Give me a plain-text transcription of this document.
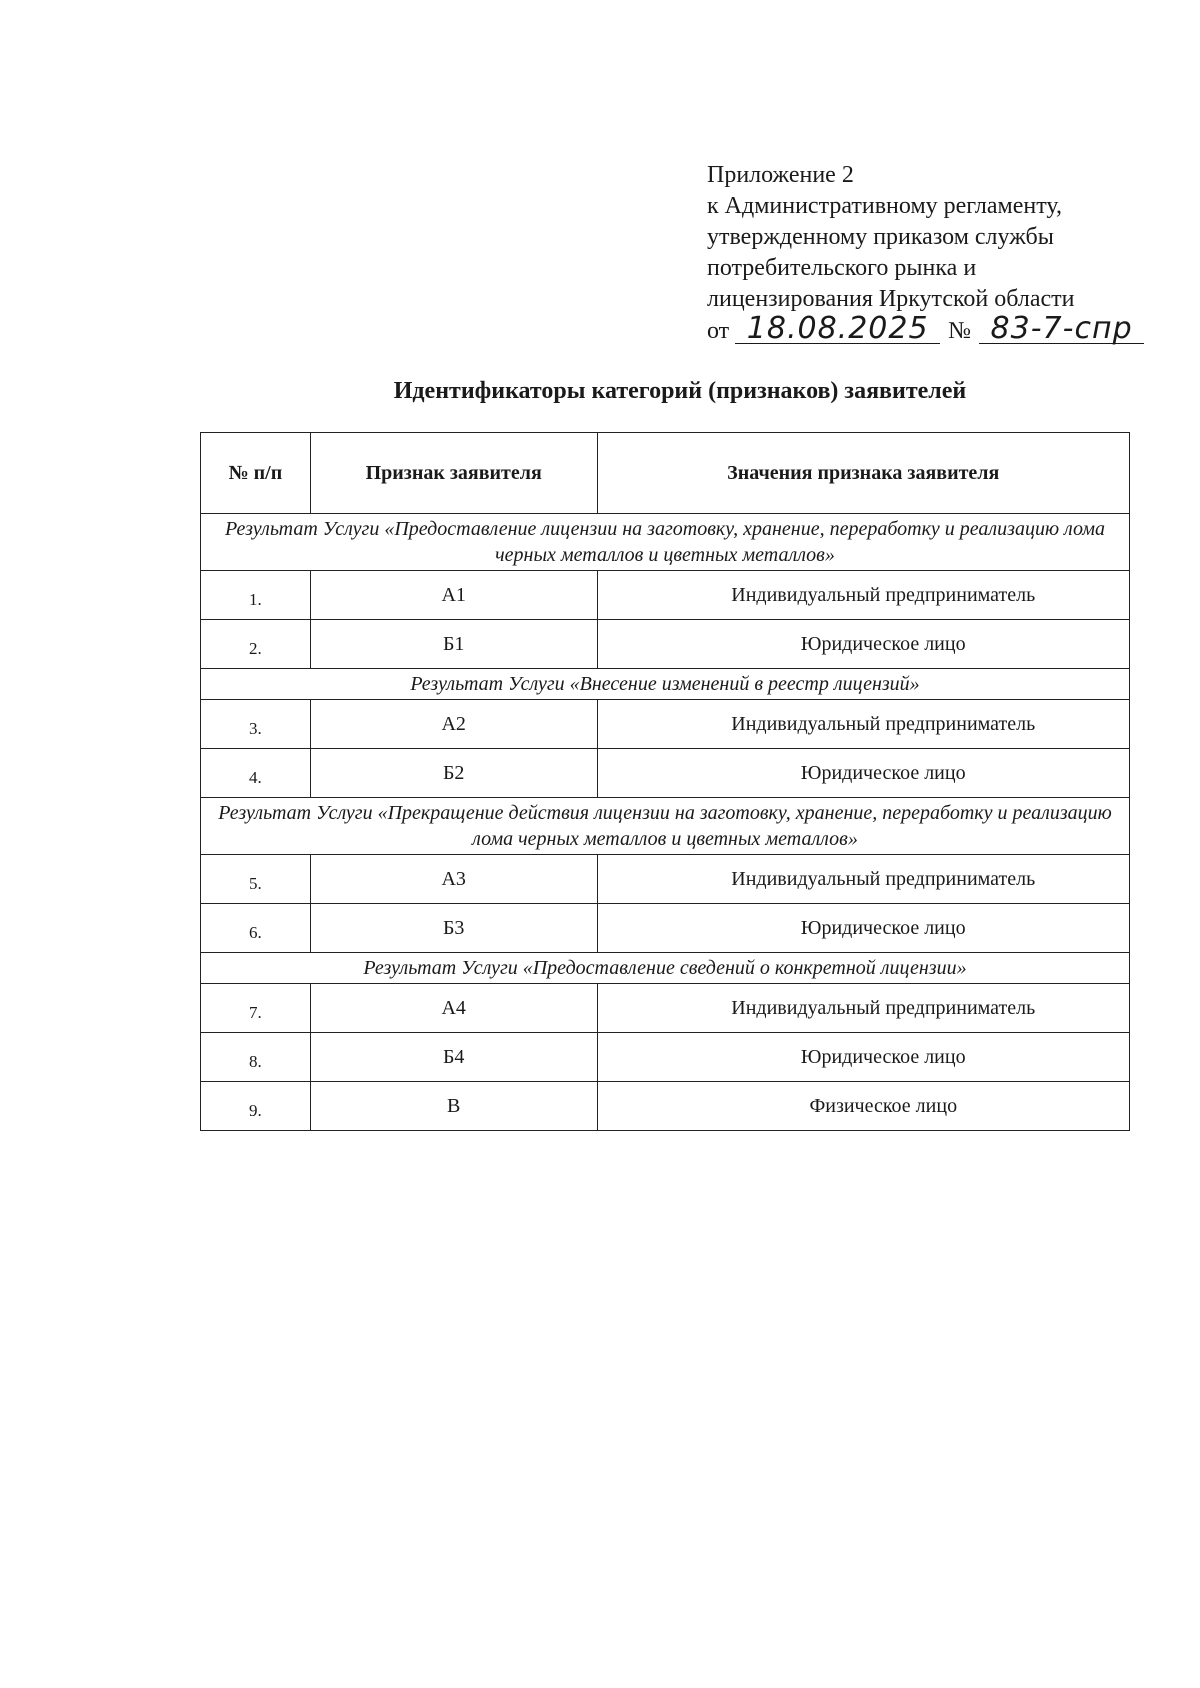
Приложение 2
к Административному регламенту,
утвержденному приказом службы
потребительского рынка и
лицензирования Иркутской области
от 18.08.2025 № 83-7-спр
Идентификаторы категорий (признаков) заявителей
№ п/п	Признак заявителя	Значения признака заявителя
Результат Услуги «Предоставление лицензии на заготовку, хранение, переработку и реализацию лома черных металлов и цветных металлов»		
1.	А1	Индивидуальный предприниматель
2.	Б1	Юридическое лицо
Результат Услуги «Внесение изменений в реестр лицензий»		
3.	А2	Индивидуальный предприниматель
4.	Б2	Юридическое лицо
Результат Услуги «Прекращение действия лицензии на заготовку, хранение, переработку и реализацию лома черных металлов и цветных металлов»		
5.	А3	Индивидуальный предприниматель
6.	Б3	Юридическое лицо
Результат Услуги «Предоставление сведений о конкретной лицензии»		
7.	А4	Индивидуальный предприниматель
8.	Б4	Юридическое лицо
9.	В	Физическое лицо
